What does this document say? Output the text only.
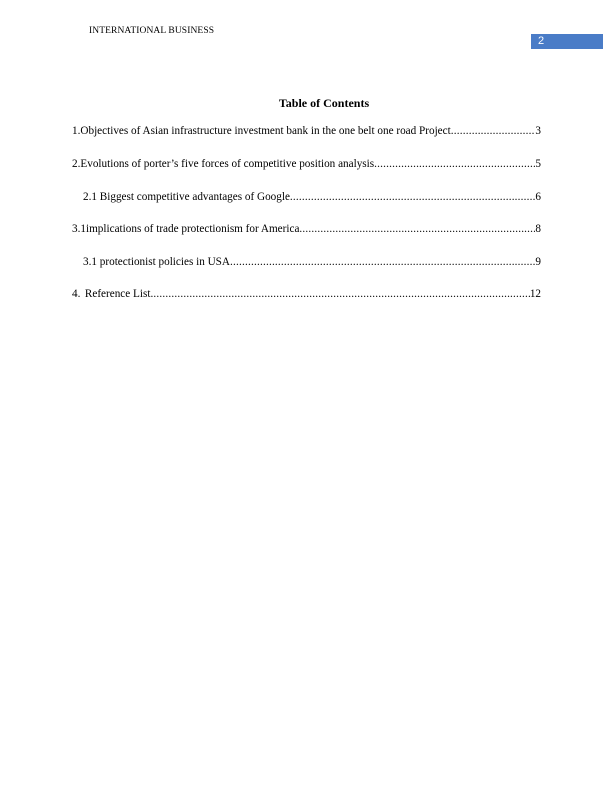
INTERNATIONAL BUSINESS
2
Table of Contents
1. Objectives of Asian infrastructure investment bank in the one belt one road Project .....	3
2. Evolutions of porter’s five forces of competitive position analysis .....	5
2.1 Biggest competitive advantages of Google .....	6
3. 1implications of trade protectionism for America .....	8
3.1 protectionist policies in USA .....	9
4. Reference List .....	12
